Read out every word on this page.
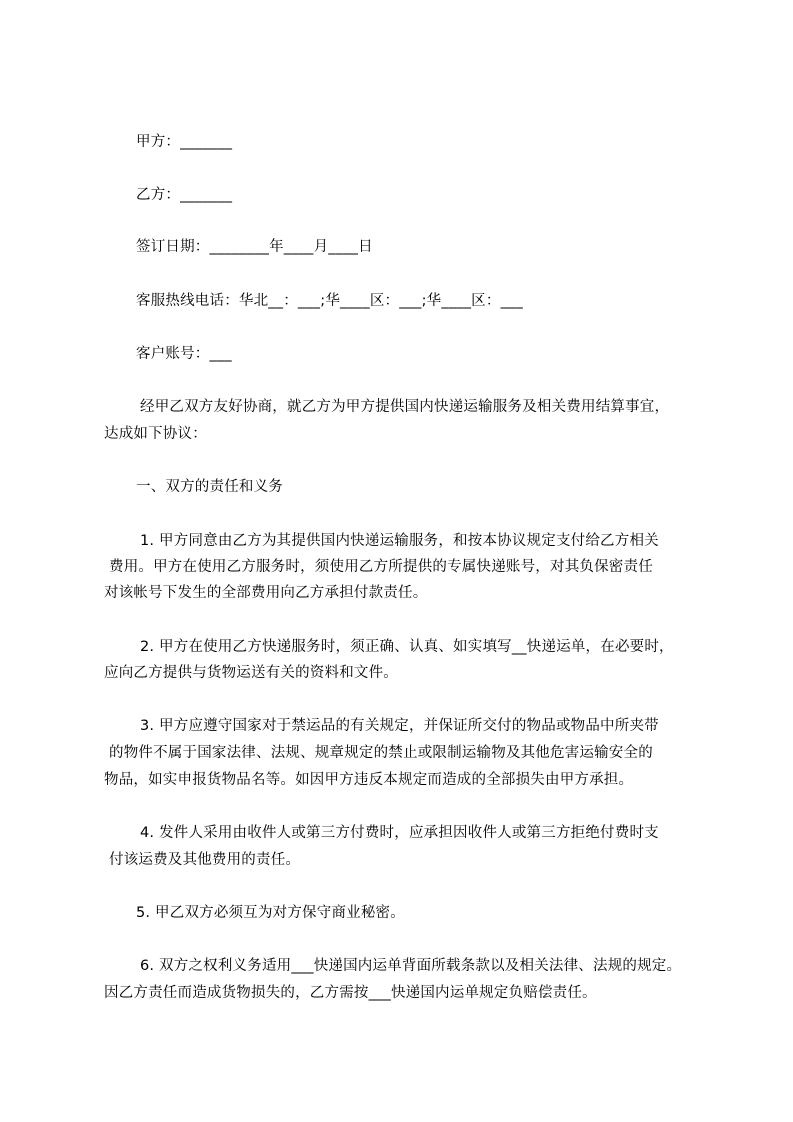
甲方：_______
乙方：_______
签订日期：________年____月____日
客服热线电话：华北__：___;华____区：___;华____区：___
客户账号：___
经甲乙双方友好协商，就乙方为甲方提供国内快递运输服务及相关费用结算事宜，
达成如下协议：
一、双方的责任和义务
1. 甲方同意由乙方为其提供国内快递运输服务，和按本协议规定支付给乙方相关
费用。甲方在使用乙方服务时，须使用乙方所提供的专属快递账号，对其负保密责任
对该帐号下发生的全部费用向乙方承担付款责任。
2. 甲方在使用乙方快递服务时，须正确、认真、如实填写__快递运单，在必要时，
应向乙方提供与货物运送有关的资料和文件。
3. 甲方应遵守国家对于禁运品的有关规定，并保证所交付的物品或物品中所夹带
的物件不属于国家法律、法规、规章规定的禁止或限制运输物及其他危害运输安全的
物品，如实申报货物品名等。如因甲方违反本规定而造成的全部损失由甲方承担。
4. 发件人采用由收件人或第三方付费时，应承担因收件人或第三方拒绝付费时支
付该运费及其他费用的责任。
5. 甲乙双方必须互为对方保守商业秘密。
6. 双方之权利义务适用___快递国内运单背面所载条款以及相关法律、法规的规定。
因乙方责任而造成货物损失的，乙方需按___快递国内运单规定负赔偿责任。
